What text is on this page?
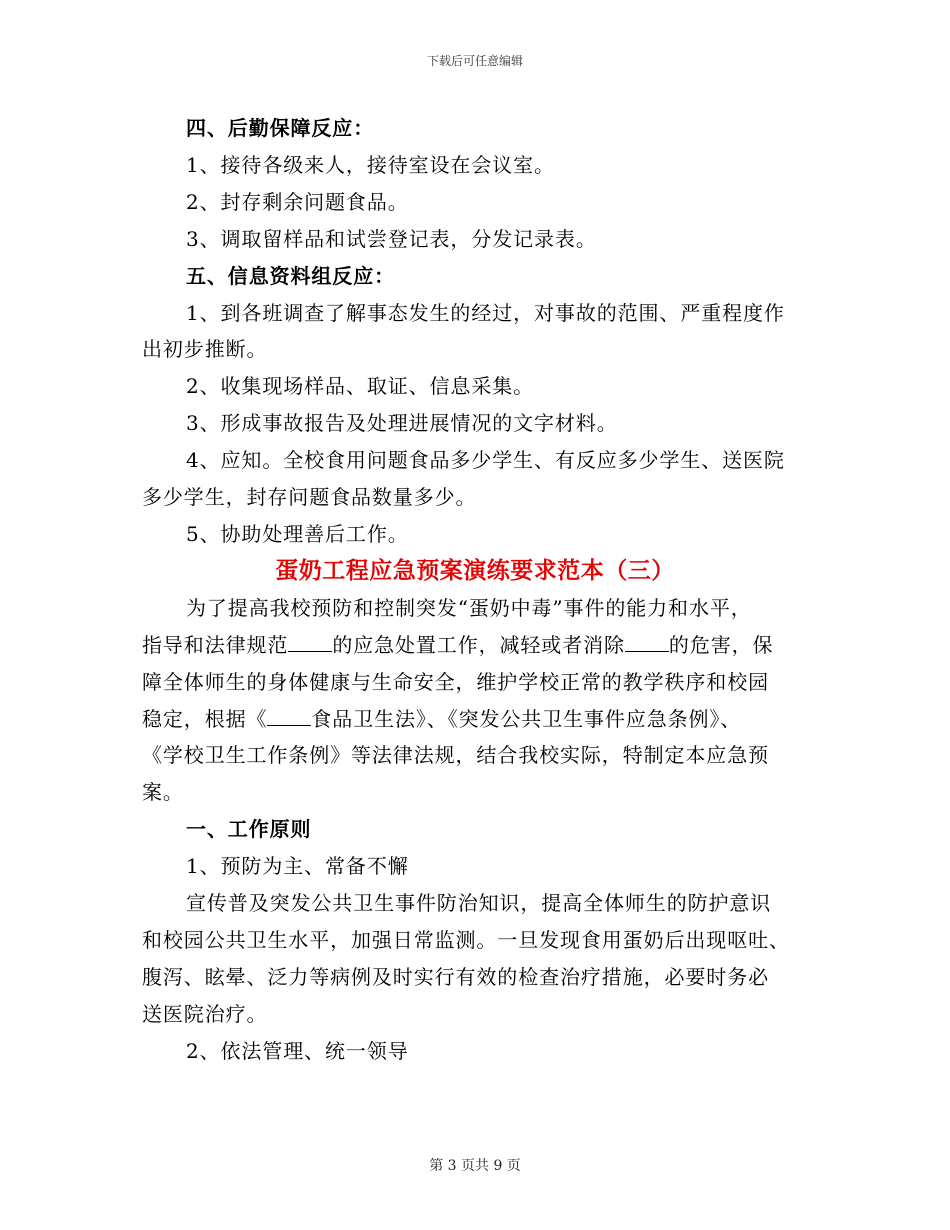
下载后可任意编辑
四、后勤保障反应：
1、接待各级来人，接待室设在会议室。
2、封存剩余问题食品。
3、调取留样品和试尝登记表，分发记录表。
五、信息资料组反应：
1、到各班调查了解事态发生的经过，对事故的范围、严重程度作
出初步推断。
2、收集现场样品、取证、信息采集。
3、形成事故报告及处理进展情况的文字材料。
4、应知。全校食用问题食品多少学生、有反应多少学生、送医院
多少学生，封存问题食品数量多少。
5、协助处理善后工作。
蛋奶工程应急预案演练要求范本（三）
为了提高我校预防和控制突发“蛋奶中毒”事件的能力和水平，
指导和法律规范 的应急处置工作，减轻或者消除 的危害，保
障全体师生的身体健康与生命安全，维护学校正常的教学秩序和校园
稳定，根据《 食品卫生法》、《突发公共卫生事件应急条例》、
《学校卫生工作条例》等法律法规，结合我校实际，特制定本应急预
案。
一、工作原则
1、预防为主、常备不懈
宣传普及突发公共卫生事件防治知识，提高全体师生的防护意识
和校园公共卫生水平，加强日常监测。一旦发现食用蛋奶后出现呕吐、
腹泻、眩晕、泛力等病例及时实行有效的检查治疗措施，必要时务必
送医院治疗。
2、依法管理、统一领导
第 3 页共 9 页
